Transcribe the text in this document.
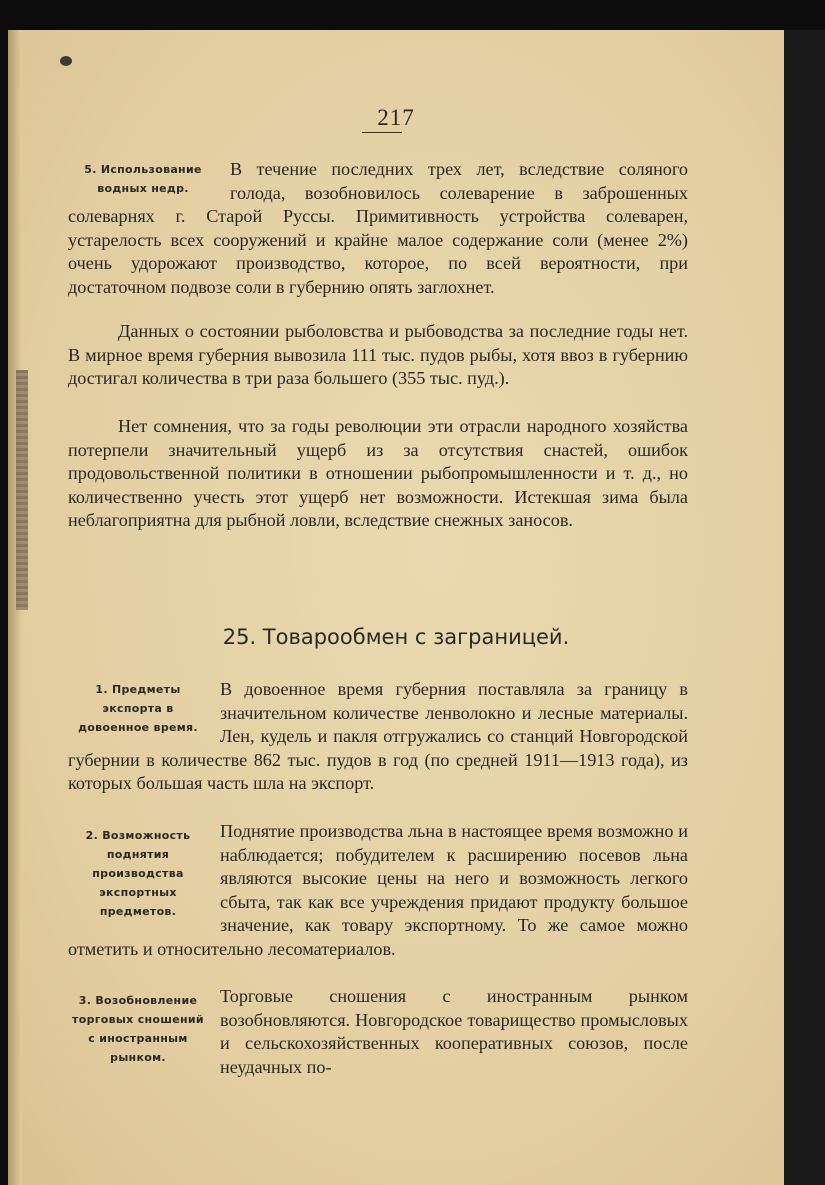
217
5. Использование водных недр.

В течение последних трех лет, вследствие соляного голода, возобновилось солеварение в заброшенных солеварнях г. Старой Руссы. Примитивность устройства солеварен, устарелость всех сооружений и крайне малое содержание соли (менее 2%) очень удорожают производство, которое, по всей вероятности, при достаточном подвозе соли в губернию опять заглохнет.

Данных о состоянии рыболовства и рыбоводства за последние годы нет. В мирное время губерния вывозила 111 тыс. пудов рыбы, хотя ввоз в губернию достигал количества в три раза большего (355 тыс. пуд.).

Нет сомнения, что за годы революции эти отрасли народного хозяйства потерпели значительный ущерб из за отсутствия снастей, ошибок продовольственной политики в отношении рыбопромышленности и т. д., но количественно учесть этот ущерб нет возможности. Истекшая зима была неблагоприятна для рыбной ловли, вследствие снежных заносов.

25. Товарообмен с заграницей.
1. Предметы экспорта в довоенное время.

В довоенное время губерния поставляла за границу в значительном количестве ленволокно и лесные материалы. Лен, кудель и пакля отгружались со станций Новгородской губернии в количестве 862 тыс. пудов в год (по средней 1911—1913 года), из которых большая часть шла на экспорт.

2. Возможность поднятия производства экспортных предметов.

Поднятие производства льна в настоящее время возможно и наблюдается; побудителем к расширению посевов льна являются высокие цены на него и возможность легкого сбыта, так как все учреждения придают продукту большое значение, как товару экспортному. То же самое можно отметить и относительно лесоматериалов.

3. Возобновление торговых сношений с иностранным рынком.

Торговые сношения с иностранным рынком возобновляются. Новгородское товарищество промысловых и сельскохозяйственных кооперативных союзов, после неудачных по-
